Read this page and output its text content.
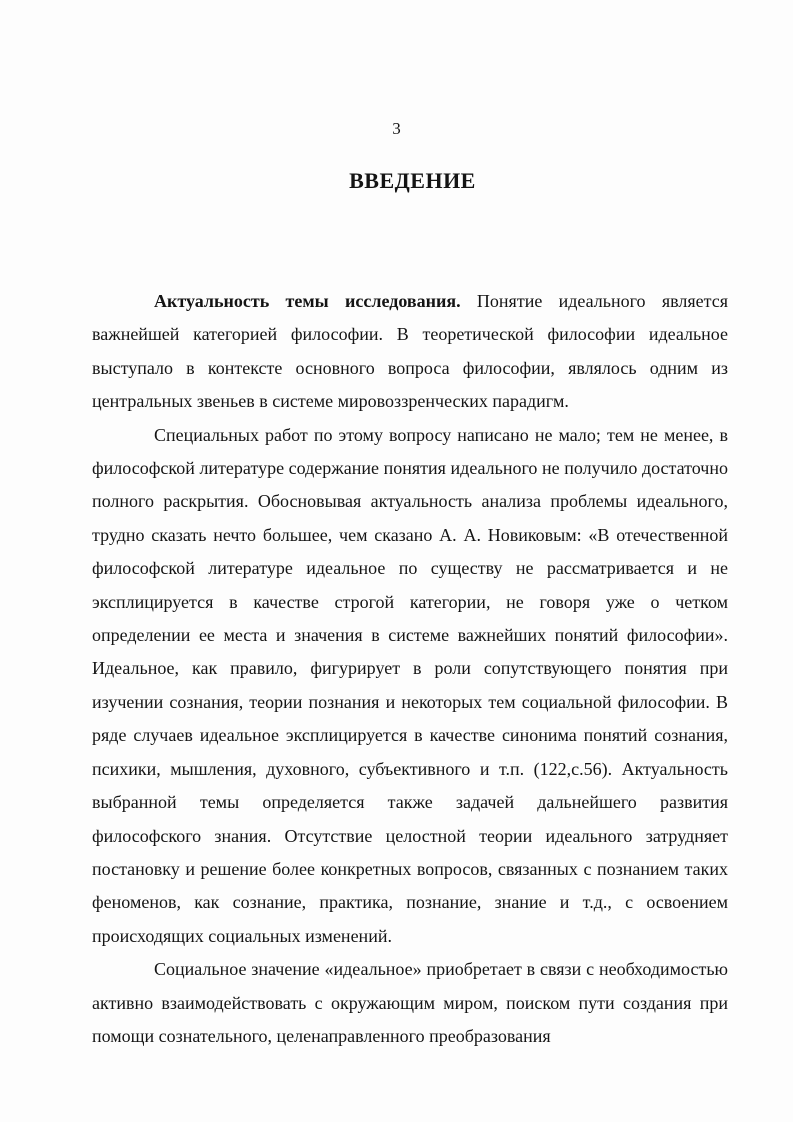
3
ВВЕДЕНИЕ

Актуальность темы исследования. Понятие идеального является важнейшей категорией философии. В теоретической философии идеальное выступало в контексте основного вопроса философии, являлось одним из центральных звеньев в системе мировоззренческих парадигм.

Специальных работ по этому вопросу написано не мало; тем не менее, в философской литературе содержание понятия идеального не получило достаточно полного раскрытия. Обосновывая актуальность анализа проблемы идеального, трудно сказать нечто большее, чем сказано А. А. Новиковым: «В отечественной философской литературе идеальное по существу не рассматривается и не эксплицируется в качестве строгой категории, не говоря уже о четком определении ее места и значения в системе важнейших понятий философии». Идеальное, как правило, фигурирует в роли сопутствующего понятия при изучении сознания, теории познания и некоторых тем социальной философии. В ряде случаев идеальное эксплицируется в качестве синонима понятий сознания, психики, мышления, духовного, субъективного и т.п. (122,с.56). Актуальность выбранной темы определяется также задачей дальнейшего развития философского знания. Отсутствие целостной теории идеального затрудняет постановку и решение более конкретных вопросов, связанных с познанием таких феноменов, как сознание, практика, познание, знание и т.д., с освоением происходящих социальных изменений.

Социальное значение «идеальное» приобретает в связи с необходимостью активно взаимодействовать с окружающим миром, поиском пути создания при помощи сознательного, целенаправленного преобразования
